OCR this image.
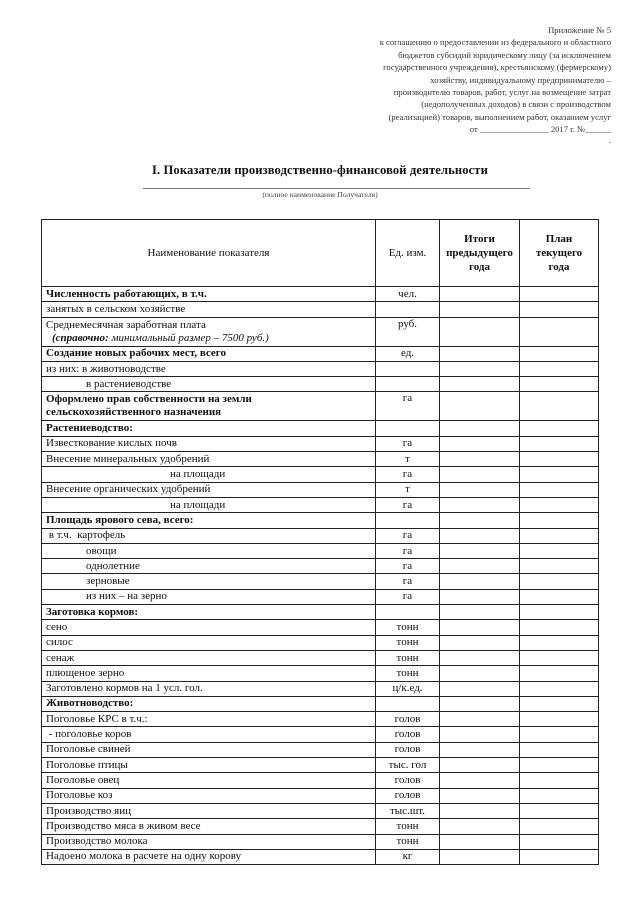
Приложение № 5
к соглашению о предоставлении из федерального и областного
бюджетов субсидий юридическому лицу (за исключением
государственного учреждения), крестьянскому (фермерскому)
хозяйству, индивидуальному предпринимателю –
производителю товаров, работ, услуг на возмещение затрат
(недополученных доходов) в связи с производством
(реализацией) товаров, выполнением работ, оказанием услуг
от ________________ 2017 г. №______
.
I. Показатели производственно-финансовой деятельности
(полное наименование Получателя)
Наименование показателя	Ед. изм.	Итоги предыдущего года	План текущего года
Численность работающих, в т.ч.	чел.		
занятых в сельском хозяйстве			
Среднемесячная заработная плата
(справочно: минимальный размер – 7500 руб.)	руб.		
Создание новых рабочих мест, всего	ед.		
из них: в животноводстве			
в растениеводстве			
Оформлено прав собственности на земли
сельскохозяйственного назначения	га		
Растениеводство:			
Известкование кислых почв	га		
Внесение минеральных удобрений	т		
на площади	га		
Внесение органических удобрений	т		
на площади	га		
Площадь ярового сева, всего:			
в т.ч.  картофель	га		
овощи	га		
однолетние	га		
зерновые	га		
из них – на зерно	га		
Заготовка кормов:			
сено	тонн		
силос	тонн		
сенаж	тонн		
плющеное зерно	тонн		
Заготовлено кормов на 1 усл. гол.	ц/к.ед.		
Животноводство:			
Поголовье КРС в т.ч.:	голов		
- поголовье коров	голов		
Поголовье свиней	голов		
Поголовье птицы	тыс. гол		
Поголовье овец	голов		
Поголовье коз	голов		
Производство яиц	тыс.шт.		
Производство мяса в живом весе	тонн		
Производство молока	тонн		
Надоено молока в расчете на одну корову	кг		
